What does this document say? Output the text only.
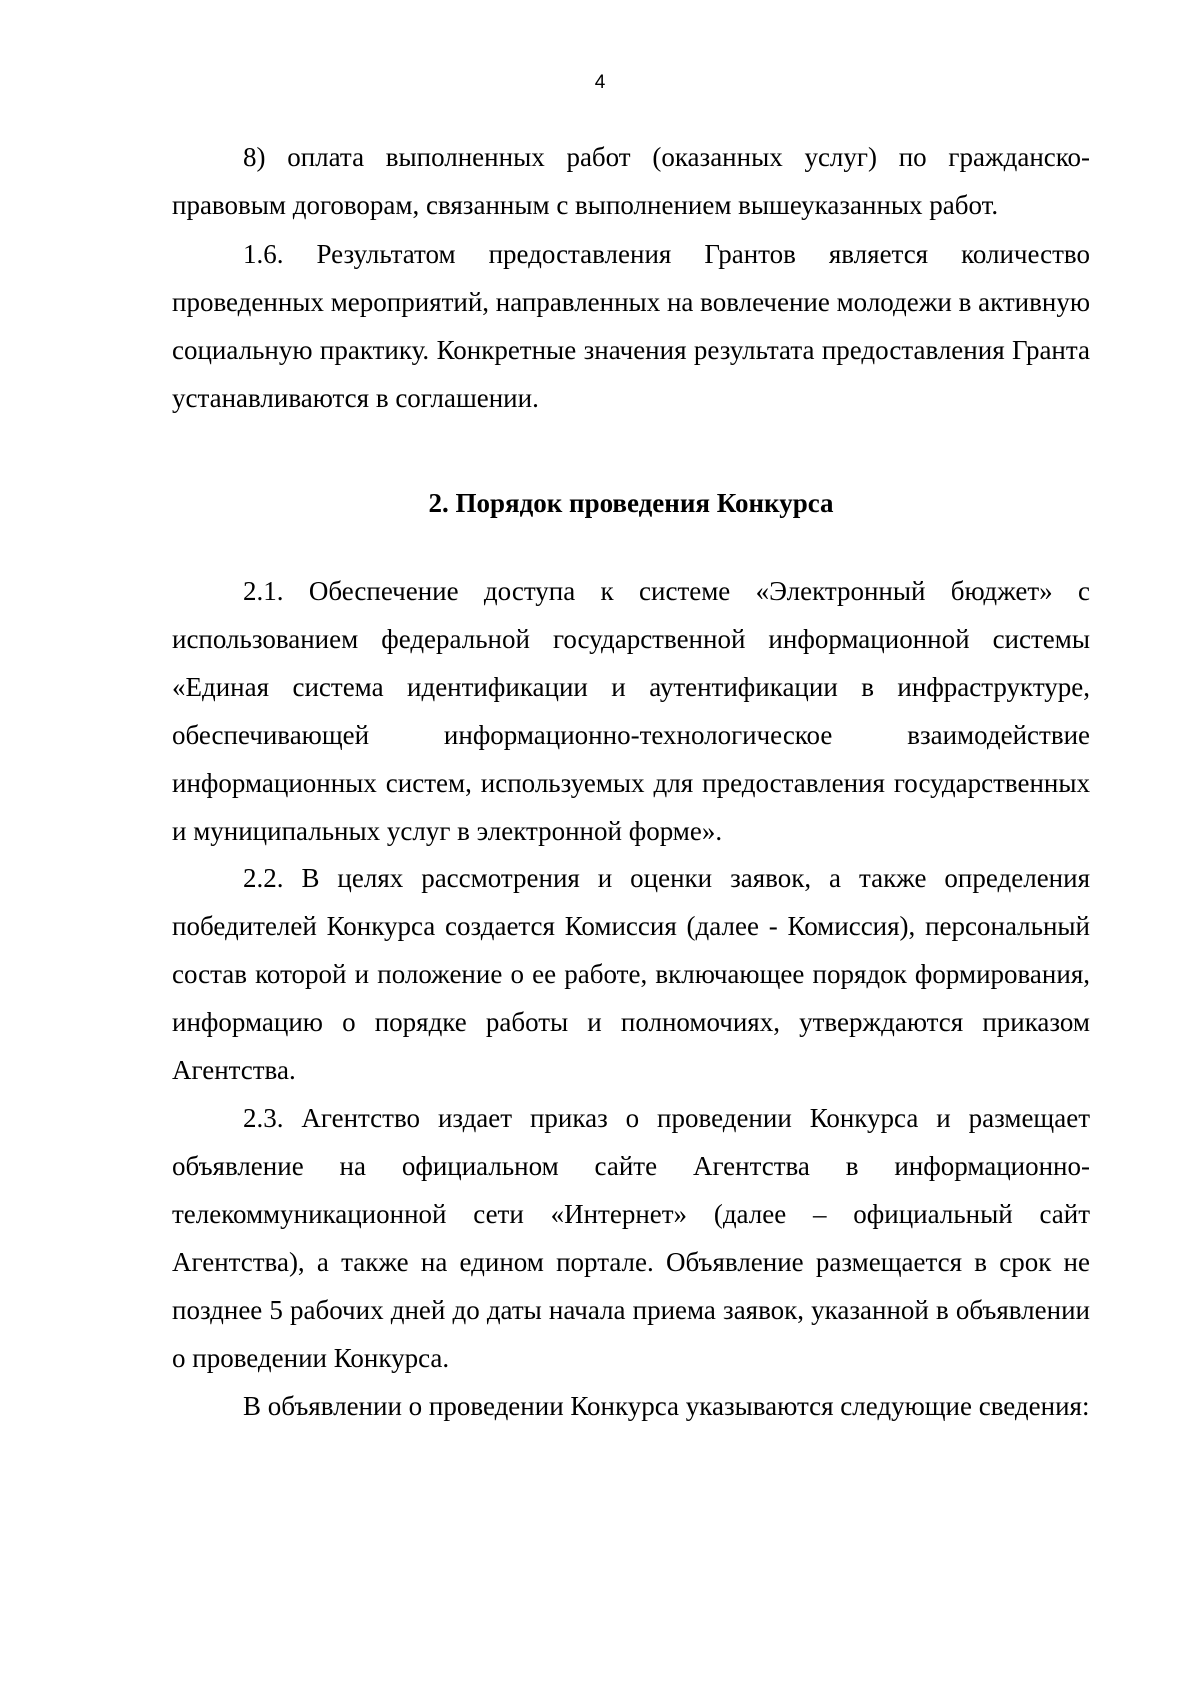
4

8) оплата выполненных работ (оказанных услуг) по гражданско-правовым договорам, связанным с выполнением вышеуказанных работ.

1.6. Результатом предоставления Грантов является количество проведенных мероприятий, направленных на вовлечение молодежи в активную социальную практику. Конкретные значения результата предоставления Гранта устанавливаются в соглашении.

2. Порядок проведения Конкурса

2.1. Обеспечение доступа к системе «Электронный бюджет» с использованием федеральной государственной информационной системы «Единая система идентификации и аутентификации в инфраструктуре, обеспечивающей информационно-технологическое взаимодействие информационных систем, используемых для предоставления государственных и муниципальных услуг в электронной форме».

2.2. В целях рассмотрения и оценки заявок, а также определения победителей Конкурса создается Комиссия (далее - Комиссия), персональный состав которой и положение о ее работе, включающее порядок формирования, информацию о порядке работы и полномочиях, утверждаются приказом Агентства.

2.3. Агентство издает приказ о проведении Конкурса и размещает объявление на официальном сайте Агентства в информационно-телекоммуникационной сети «Интернет» (далее – официальный сайт Агентства), а также на едином портале. Объявление размещается в срок не позднее 5 рабочих дней до даты начала приема заявок, указанной в объявлении о проведении Конкурса.

В объявлении о проведении Конкурса указываются следующие сведения:
